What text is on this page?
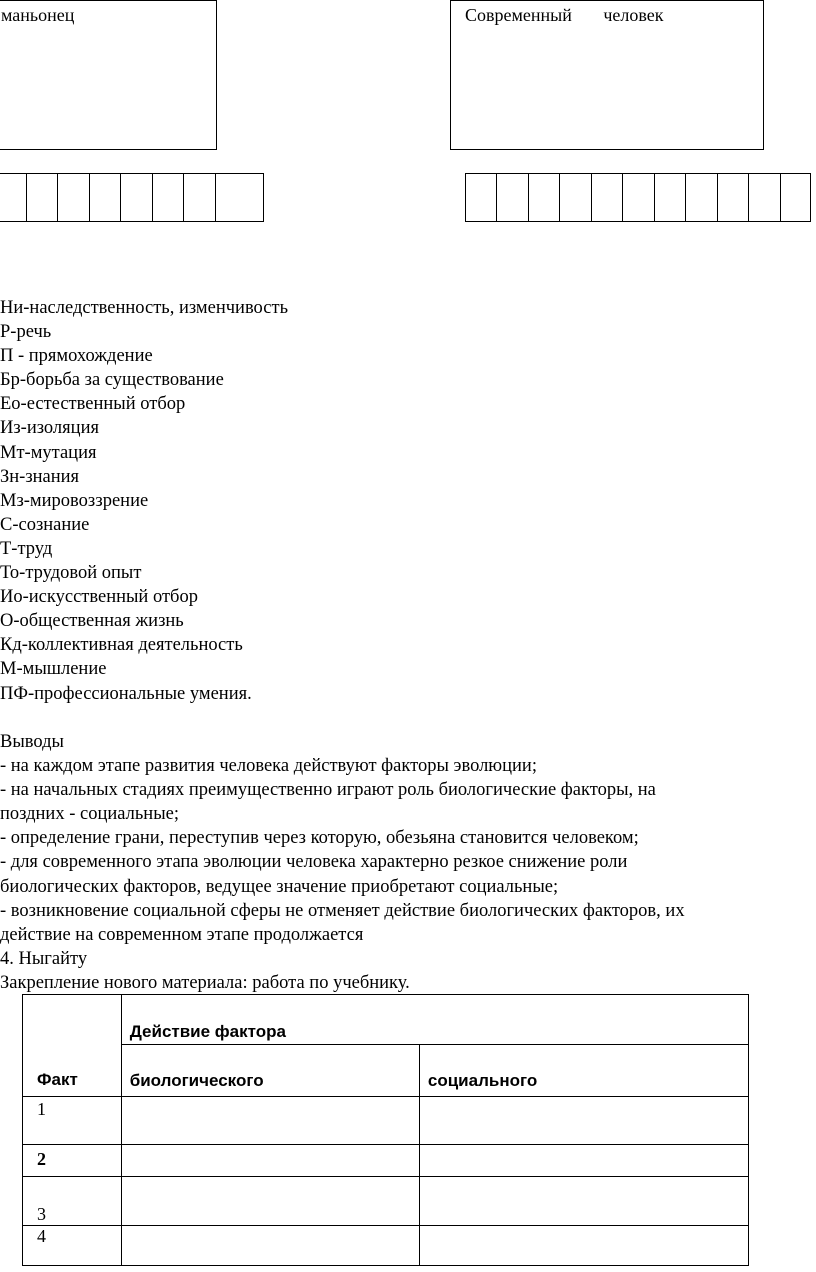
маньонец	Современный       человек
Ни-наследственность, изменчивость
Р-речь
П - прямохождение
Бр-борьба за существование
Ео-естественный отбор
Из-изоляция
Мт-мутация
Зн-знания
Мз-мировоззрение
С-сознание
Т-труд
То-трудовой опыт
Ио-искусственный отбор
О-общественная жизнь
Кд-коллективная деятельность
М-мышление
ПФ-профессиональные умения.
Выводы
- на каждом этапе развития человека действуют факторы эволюции;
- на начальных стадиях преимущественно играют роль биологические факторы, на
поздних - социальные;
- определение грани, переступив через которую, обезьяна становится человеком;
- для современного этапа эволюции человека характерно резкое снижение роли
биологических факторов, ведущее значение приобретают социальные;
- возникновение социальной сферы не отменяет действие биологических факторов, их
действие на современном этапе продолжается
4. Ныгайту
Закрепление нового материала: работа по учебнику.
Факт	Действие фактора	

	биологического	социального

1		

2		

3		

4		
